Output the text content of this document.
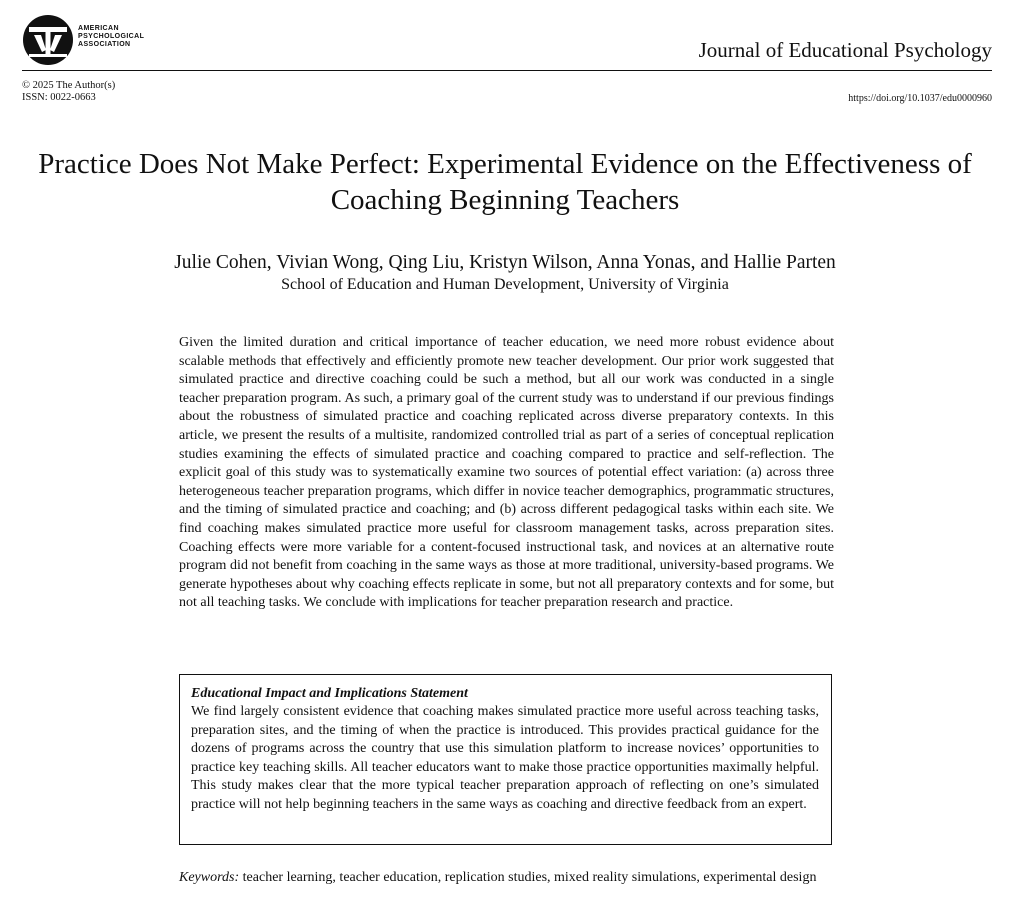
AMERICAN
PSYCHOLOGICAL
ASSOCIATION	Journal of Educational Psychology
© 2025 The Author(s)
ISSN: 0022-0663	https://doi.org/10.1037/edu0000960
Practice Does Not Make Perfect: Experimental Evidence on the Effectiveness of Coaching Beginning Teachers
Julie Cohen, Vivian Wong, Qing Liu, Kristyn Wilson, Anna Yonas, and Hallie Parten
School of Education and Human Development, University of Virginia
Given the limited duration and critical importance of teacher education, we need more robust evidence about scalable methods that effectively and efficiently promote new teacher development. Our prior work suggested that simulated practice and directive coaching could be such a method, but all our work was conducted in a single teacher preparation program. As such, a primary goal of the current study was to understand if our previous findings about the robustness of simulated practice and coaching replicated across diverse preparatory contexts. In this article, we present the results of a multisite, randomized controlled trial as part of a series of conceptual replication studies examining the effects of simulated practice and coaching compared to practice and self-reflection. The explicit goal of this study was to systematically examine two sources of potential effect variation: (a) across three heterogeneous teacher preparation programs, which differ in novice teacher demographics, programmatic structures, and the timing of simulated practice and coaching; and (b) across different pedagogical tasks within each site. We find coaching makes simulated practice more useful for classroom management tasks, across preparation sites. Coaching effects were more variable for a content-focused instructional task, and novices at an alternative route program did not benefit from coaching in the same ways as those at more traditional, university-based programs. We generate hypotheses about why coaching effects replicate in some, but not all preparatory contexts and for some, but not all teaching tasks. We conclude with implications for teacher preparation research and practice.
Educational Impact and Implications Statement
We find largely consistent evidence that coaching makes simulated practice more useful across teaching tasks, preparation sites, and the timing of when the practice is introduced. This provides practical guidance for the dozens of programs across the country that use this simulation platform to increase novices’ opportunities to practice key teaching skills. All teacher educators want to make those practice opportunities maximally helpful. This study makes clear that the more typical teacher preparation approach of reflecting on one’s simulated practice will not help beginning teachers in the same ways as coaching and directive feedback from an expert.
Keywords: teacher learning, teacher education, replication studies, mixed reality simulations, experimental design
